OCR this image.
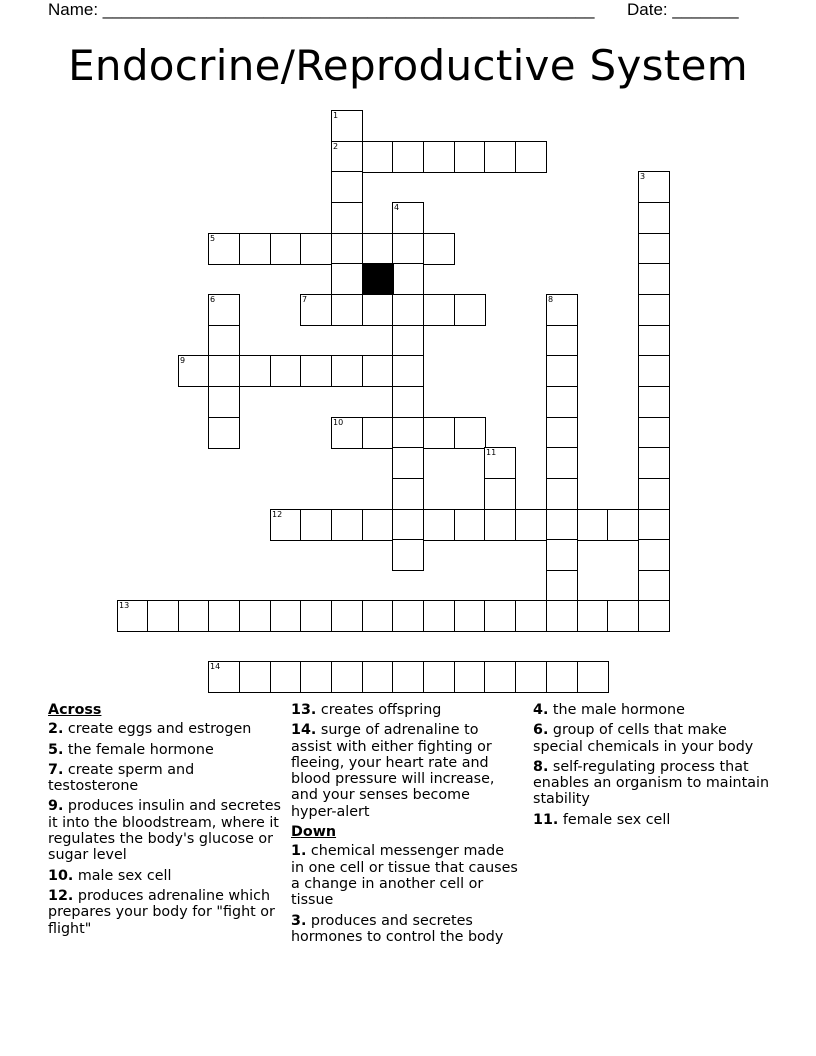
Name: ____________________________________________________ Date: _______
Endocrine/Reproductive System
1
2
3
4
5
6	7	8
9
10
11
12
13
14
Across
2. create eggs and estrogen
5. the female hormone
7. create sperm and testosterone
9. produces insulin and secretes it into the bloodstream, where it regulates the body's glucose or sugar level
10. male sex cell
12. produces adrenaline which prepares your body for "fight or flight"
13. creates offspring
14. surge of adrenaline to assist with either fighting or fleeing, your heart rate and blood pressure will increase, and your senses become hyper-alert
Down
1. chemical messenger made in one cell or tissue that causes a change in another cell or tissue
3. produces and secretes hormones to control the body
4. the male hormone
6. group of cells that make special chemicals in your body
8. self-regulating process that enables an organism to maintain stability
11. female sex cell
